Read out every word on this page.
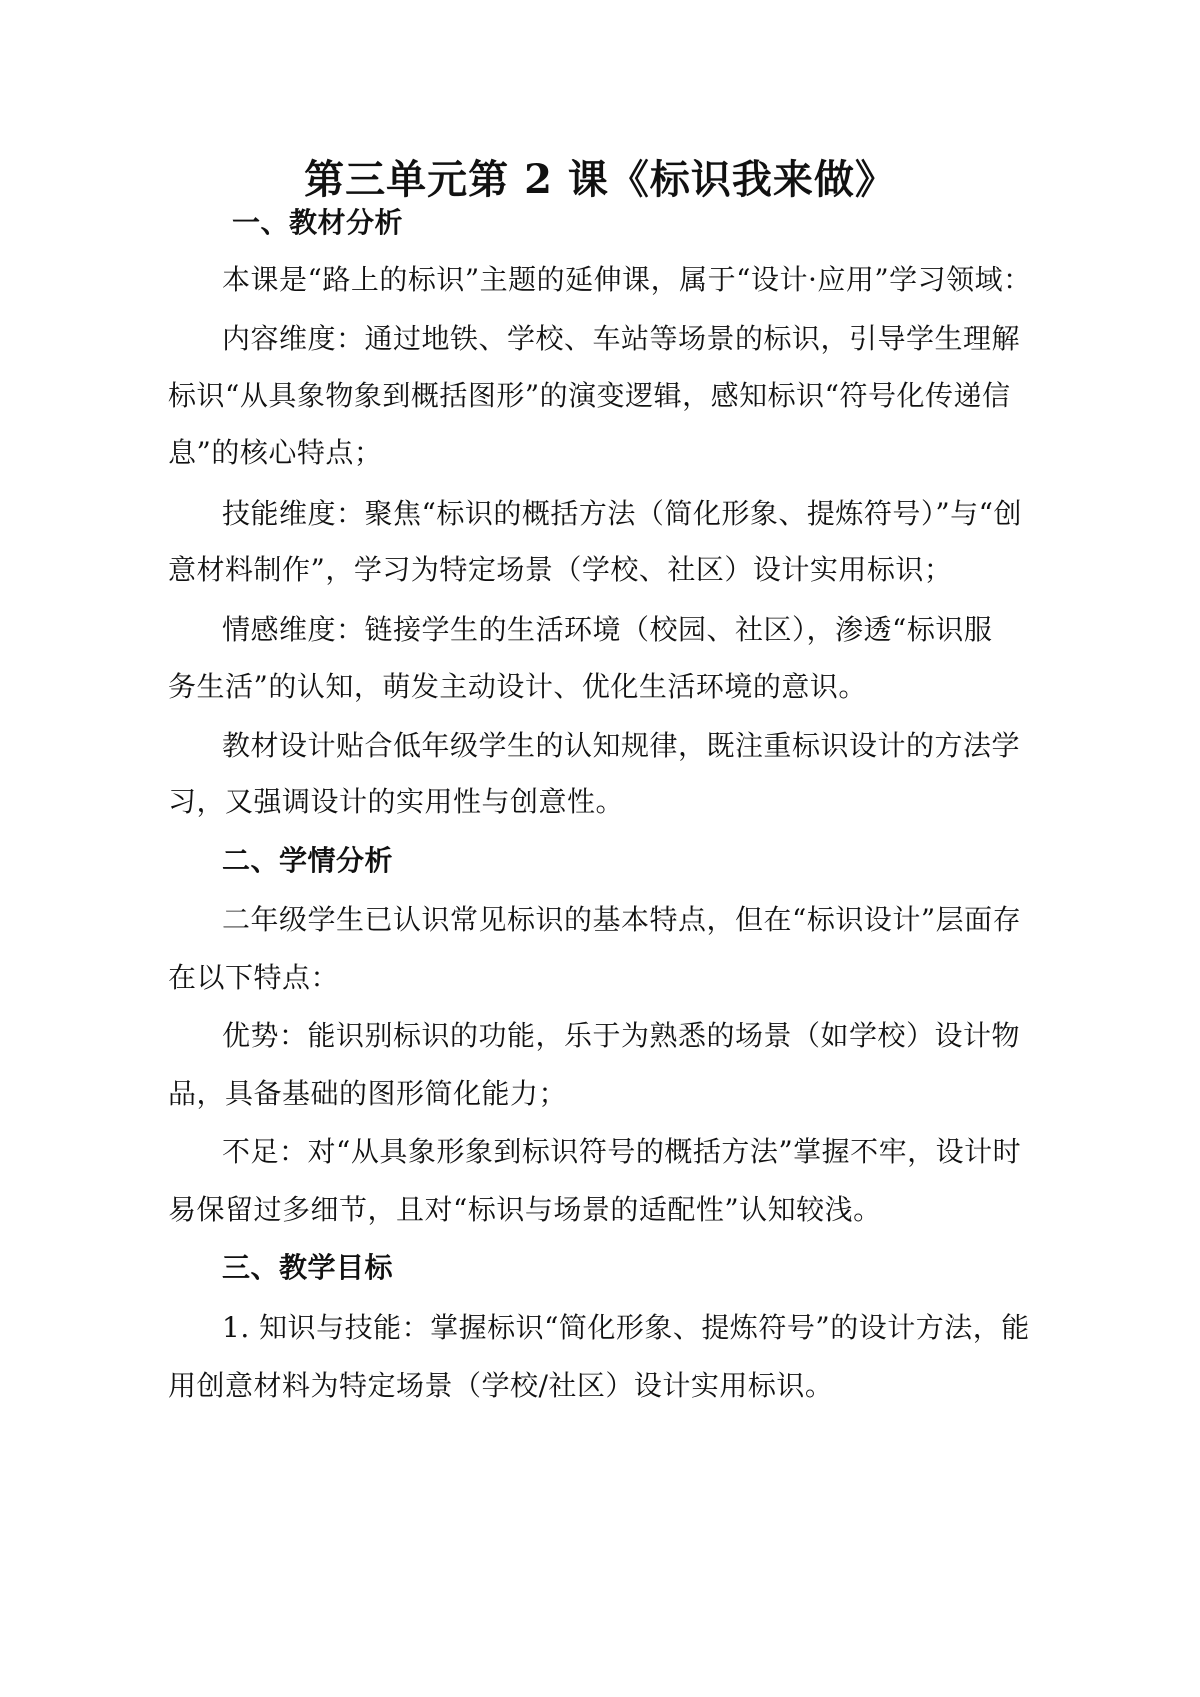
第三单元第 2 课《标识我来做》
一、教材分析
本课是“路上的标识”主题的延伸课，属于“设计·应用”学习领域：
内容维度：通过地铁、学校、车站等场景的标识，引导学生理解
标识“从具象物象到概括图形”的演变逻辑，感知标识“符号化传递信
息”的核心特点；
技能维度：聚焦“标识的概括方法（简化形象、提炼符号）”与“创
意材料制作”，学习为特定场景（学校、社区）设计实用标识；
情感维度：链接学生的生活环境（校园、社区），渗透“标识服
务生活”的认知，萌发主动设计、优化生活环境的意识。
教材设计贴合低年级学生的认知规律，既注重标识设计的方法学
习，又强调设计的实用性与创意性。
二、学情分析
二年级学生已认识常见标识的基本特点，但在“标识设计”层面存
在以下特点：
优势：能识别标识的功能，乐于为熟悉的场景（如学校）设计物
品，具备基础的图形简化能力；
不足：对“从具象形象到标识符号的概括方法”掌握不牢，设计时
易保留过多细节，且对“标识与场景的适配性”认知较浅。
三、教学目标
1. 知识与技能：掌握标识“简化形象、提炼符号”的设计方法，能
用创意材料为特定场景（学校/社区）设计实用标识。
